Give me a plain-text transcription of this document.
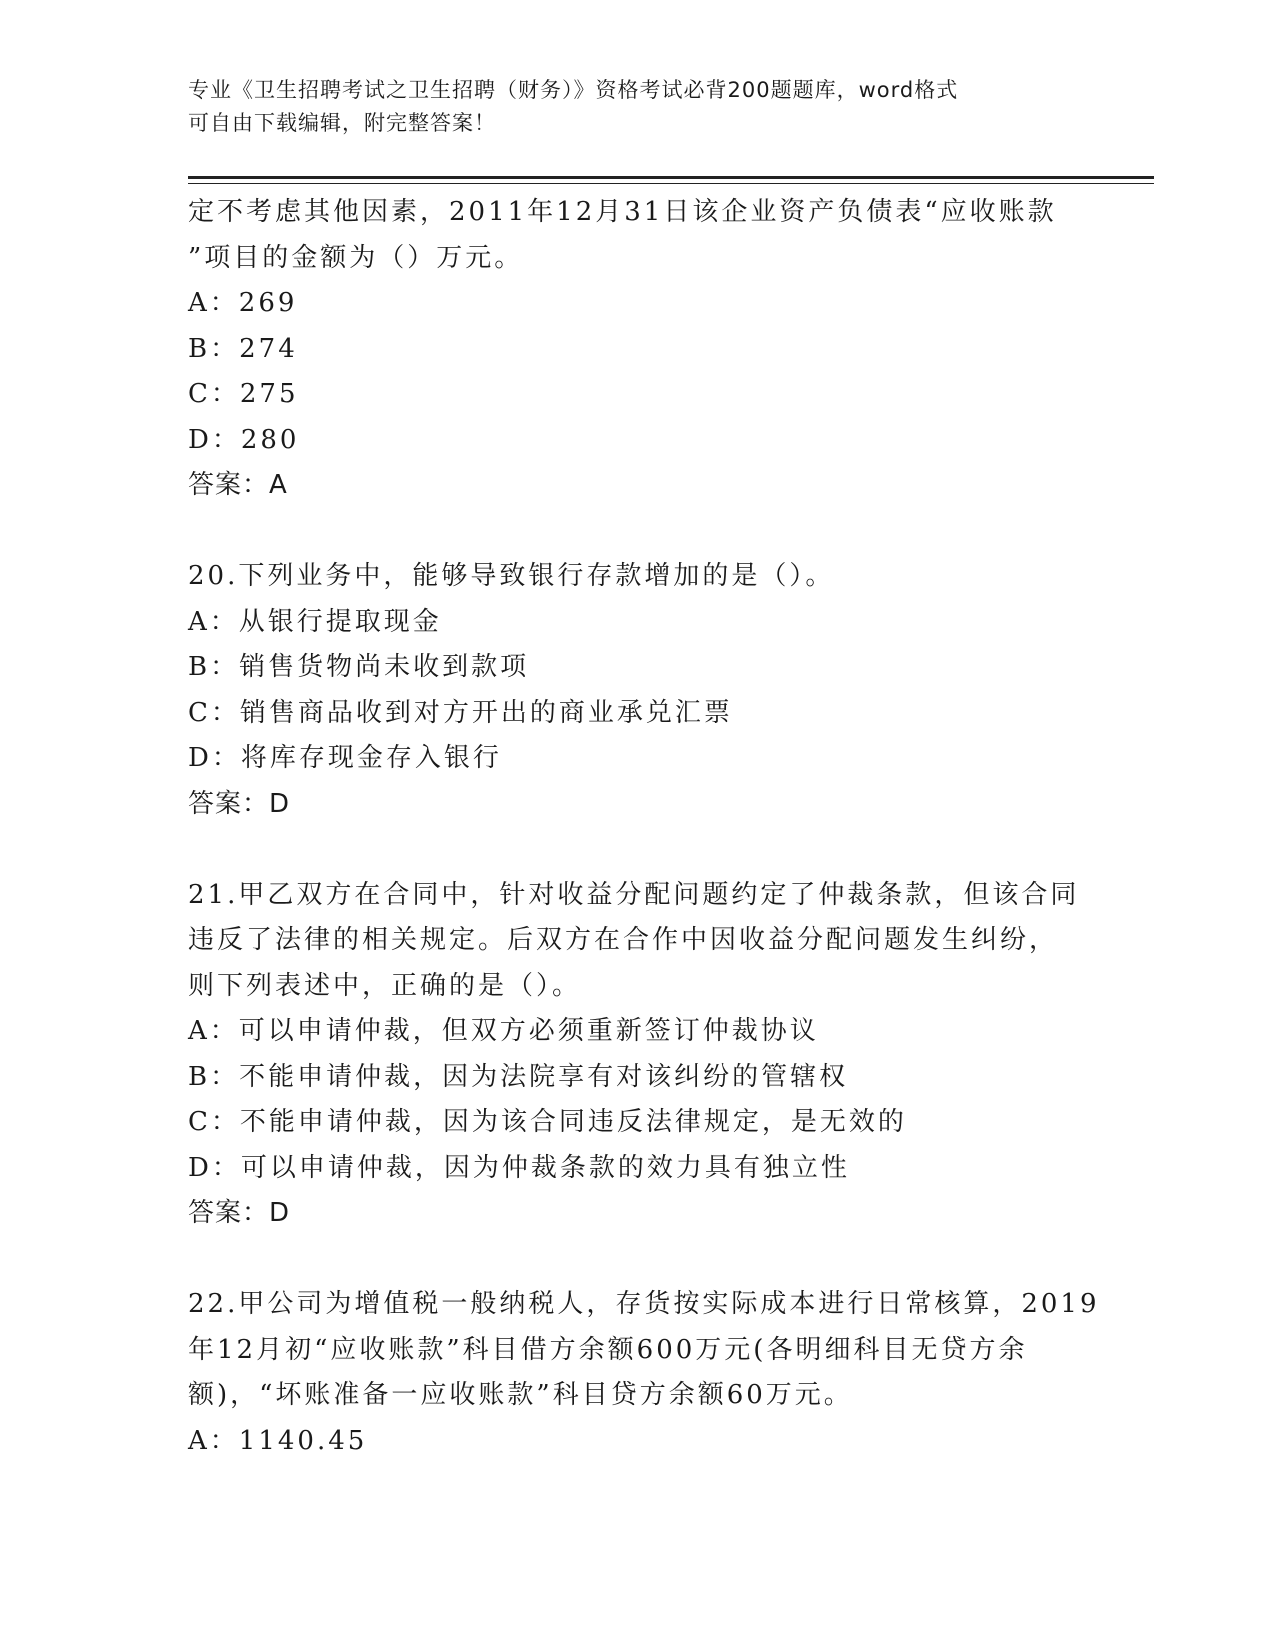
专业《卫生招聘考试之卫生招聘（财务）》资格考试必背200题题库，word格式
可自由下载编辑，附完整答案！
定不考虑其他因素，2011年12月31日该企业资产负债表“应收账款
”项目的金额为（）万元。
A：269
B：274
C：275
D：280
答案：A
20.下列业务中，能够导致银行存款增加的是（）。
A：从银行提取现金
B：销售货物尚未收到款项
C：销售商品收到对方开出的商业承兑汇票
D：将库存现金存入银行
答案：D
21.甲乙双方在合同中，针对收益分配问题约定了仲裁条款，但该合同
违反了法律的相关规定。后双方在合作中因收益分配问题发生纠纷，
则下列表述中，正确的是（）。
A：可以申请仲裁，但双方必须重新签订仲裁协议
B：不能申请仲裁，因为法院享有对该纠纷的管辖权
C：不能申请仲裁，因为该合同违反法律规定，是无效的
D：可以申请仲裁，因为仲裁条款的效力具有独立性
答案：D
22.甲公司为增值税一般纳税人，存货按实际成本进行日常核算，2019
年12月初“应收账款”科目借方余额600万元(各明细科目无贷方余
额)，“坏账准备一应收账款”科目贷方余额60万元。
A：1140.45
